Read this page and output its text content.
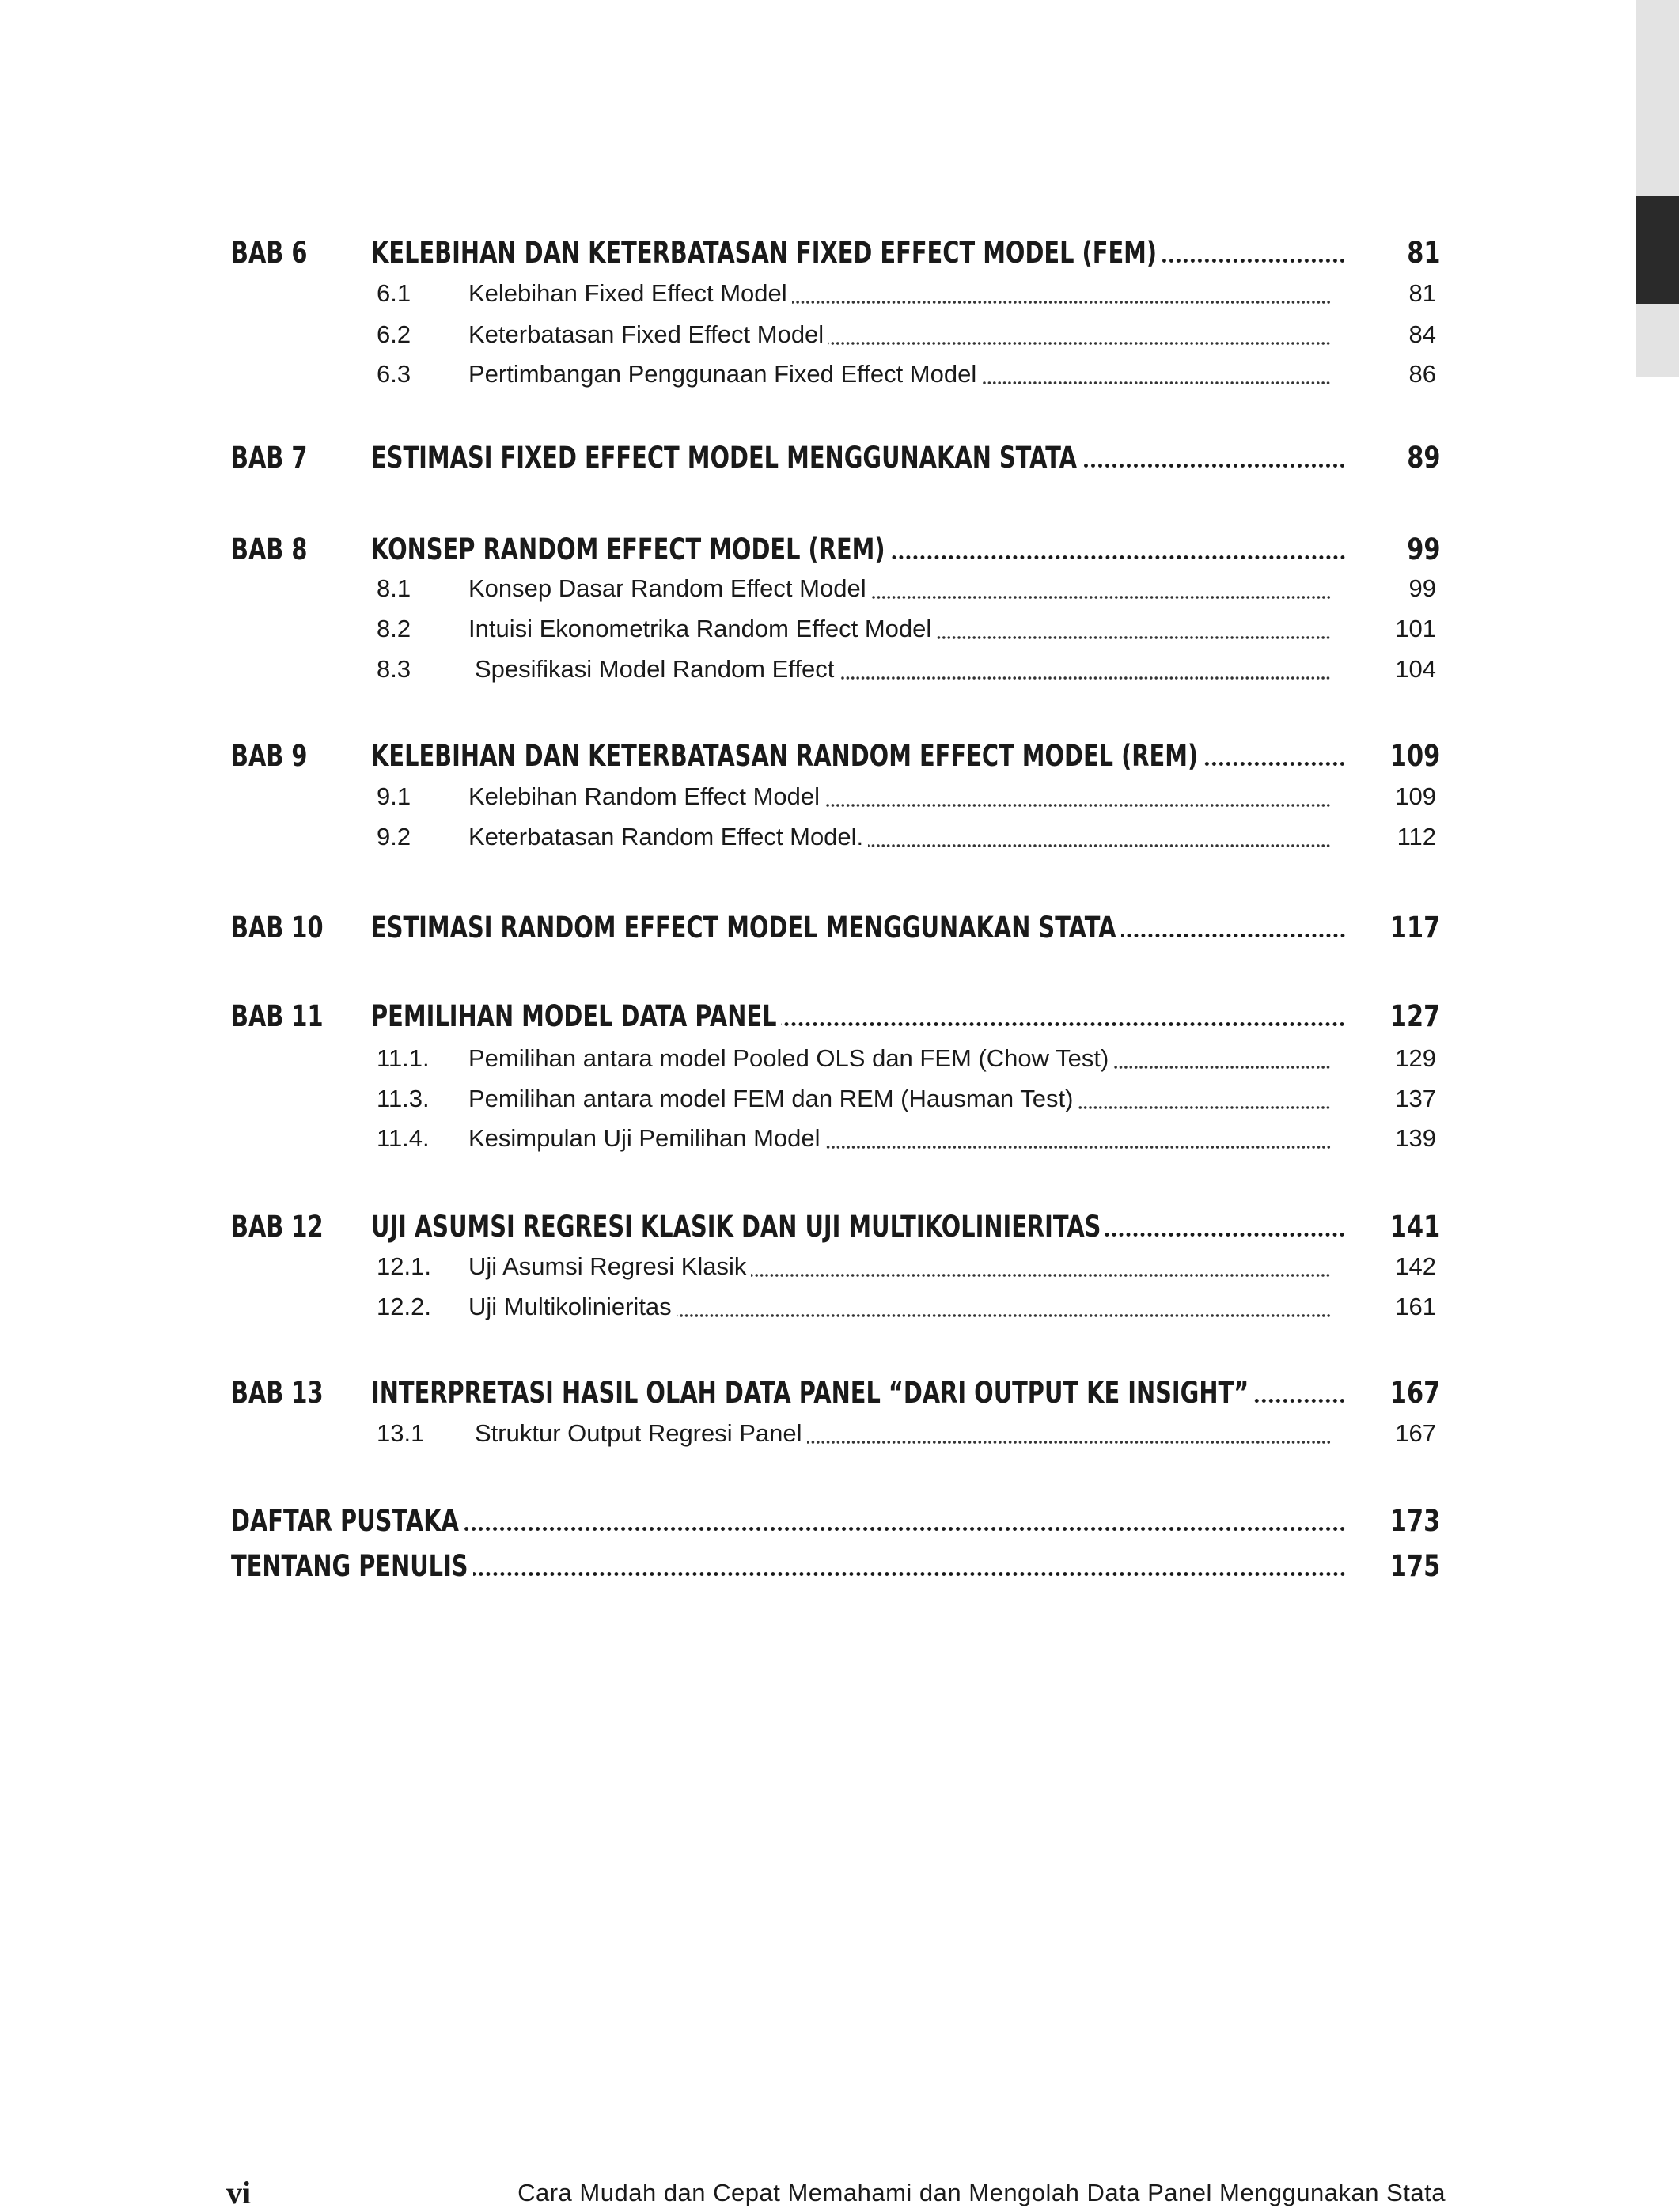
BAB 6 KELEBIHAN DAN KETERBATASAN FIXED EFFECT MODEL (FEM)	81
6.1 Kelebihan Fixed Effect Model	81
6.2 Keterbatasan Fixed Effect Model	84
6.3 Pertimbangan Penggunaan Fixed Effect Model	86
BAB 7 ESTIMASI FIXED EFFECT MODEL MENGGUNAKAN STATA	89
BAB 8 KONSEP RANDOM EFFECT MODEL (REM)	99
8.1 Konsep Dasar Random Effect Model	99
8.2 Intuisi Ekonometrika Random Effect Model	101
8.3	Spesifikasi Model Random Effect	104
BAB 9 KELEBIHAN DAN KETERBATASAN RANDOM EFFECT MODEL (REM)	109
9.1 Kelebihan Random Effect Model	109
9.2 Keterbatasan Random Effect Model.	112
BAB 10 ESTIMASI RANDOM EFFECT MODEL MENGGUNAKAN STATA	117
BAB 11 PEMILIHAN MODEL DATA PANEL	127
11.1. Pemilihan antara model Pooled OLS dan FEM (Chow Test)	129
11.3. Pemilihan antara model FEM dan REM (Hausman Test)	137
11.4. Kesimpulan Uji Pemilihan Model	139
BAB 12 UJI ASUMSI REGRESI KLASIK DAN UJI MULTIKOLINIERITAS	141
12.1. Uji Asumsi Regresi Klasik	142
12.2. Uji Multikolinieritas	161
BAB 13 INTERPRETASI HASIL OLAH DATA PANEL “DARI OUTPUT KE INSIGHT”	167
13.1 Struktur Output Regresi Panel	167
DAFTAR PUSTAKA	173
TENTANG PENULIS	175
vi	Cara Mudah dan Cepat Memahami dan Mengolah Data Panel Menggunakan Stata
